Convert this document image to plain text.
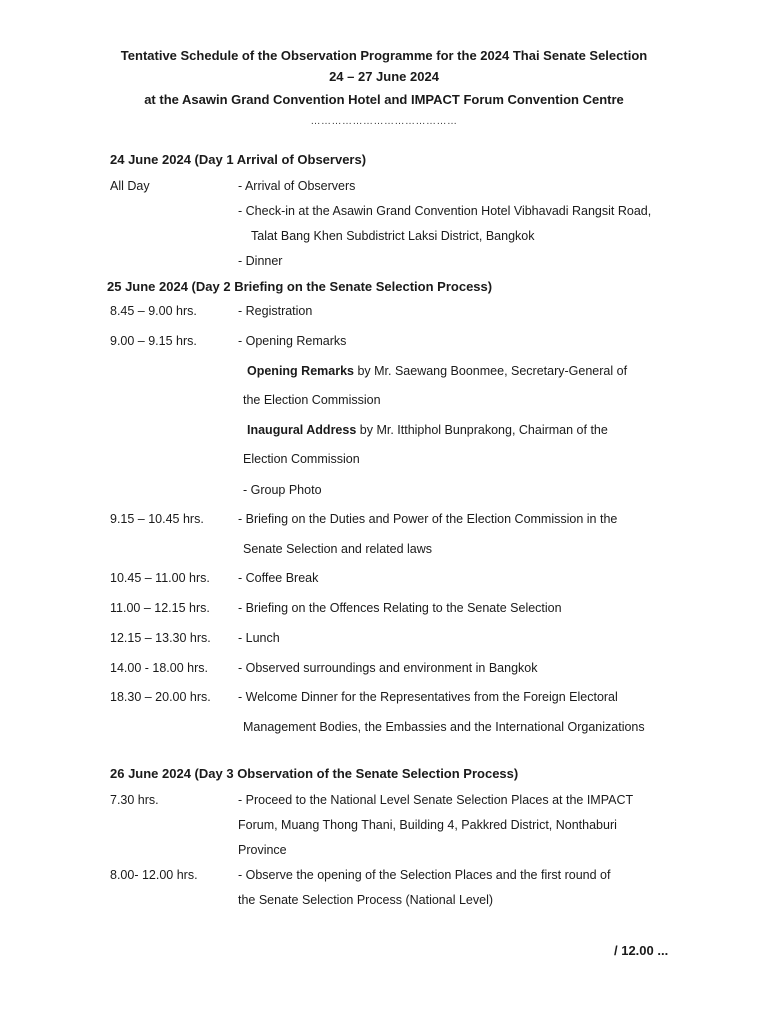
Tentative Schedule of the Observation Programme for the 2024 Thai Senate Selection
24 – 27 June 2024
at the Asawin Grand Convention Hotel and IMPACT Forum Convention Centre
……………………………………
24 June 2024 (Day 1 Arrival of Observers)
All Day	- Arrival of Observers
- Check-in at the Asawin Grand Convention Hotel Vibhavadi Rangsit Road,
Talat Bang Khen Subdistrict Laksi District, Bangkok
- Dinner
25 June 2024 (Day 2 Briefing on the Senate Selection Process)
8.45 – 9.00 hrs.	- Registration
9.00 – 9.15 hrs.	- Opening Remarks
Opening Remarks by Mr. Saewang Boonmee, Secretary-General of
the Election Commission
Inaugural Address by Mr. Itthiphol Bunprakong, Chairman of the
Election Commission
- Group Photo
9.15 – 10.45 hrs.	- Briefing on the Duties and Power of the Election Commission in the
Senate Selection and related laws
10.45 – 11.00 hrs. - Coffee Break
11.00 – 12.15 hrs. - Briefing on the Offences Relating to the Senate Selection
12.15 – 13.30 hrs. - Lunch
14.00 - 18.00 hrs. - Observed surroundings and environment in Bangkok
18.30 – 20.00 hrs. - Welcome Dinner for the Representatives from the Foreign Electoral
Management Bodies, the Embassies and the International Organizations
26 June 2024 (Day 3 Observation of the Senate Selection Process)
7.30 hrs.	- Proceed to the National Level Senate Selection Places at the IMPACT
Forum, Muang Thong Thani, Building 4, Pakkred District, Nonthaburi
Province
8.00- 12.00 hrs.	- Observe the opening of the Selection Places and the first round of
the Senate Selection Process (National Level)
/ 12.00 ...
